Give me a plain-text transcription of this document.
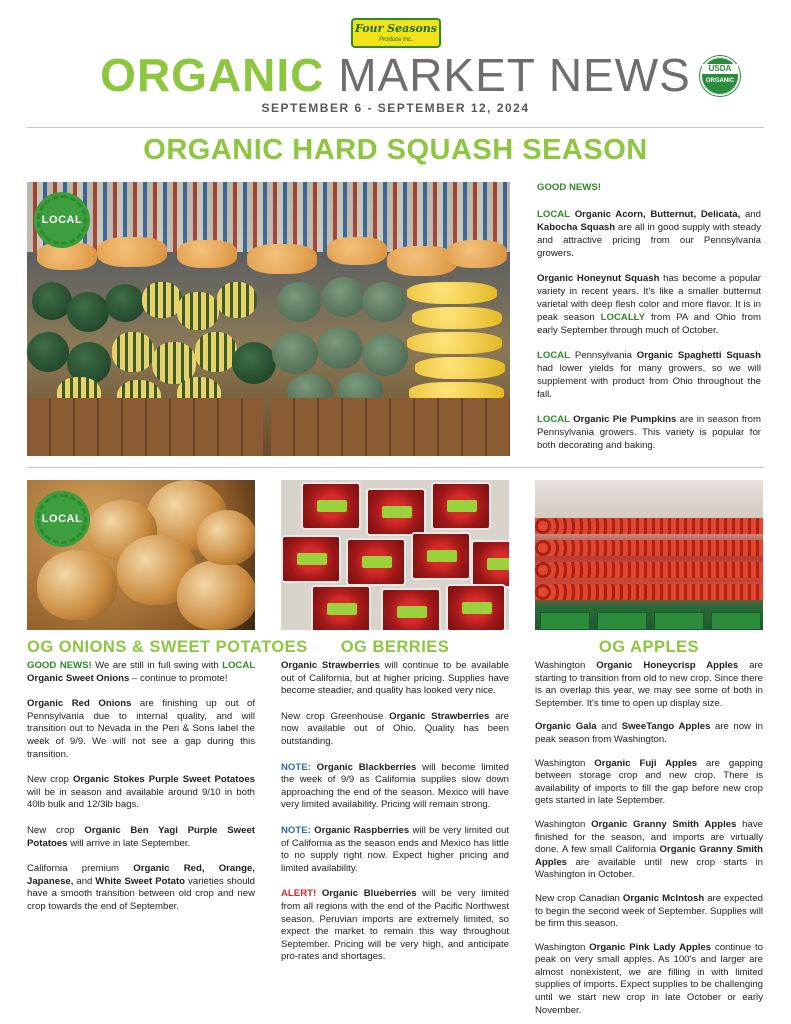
Four Seasons
Produce Inc.
ORGANIC MARKET NEWS	USDA
ORGANIC
SEPTEMBER 6 - SEPTEMBER 12, 2024
ORGANIC HARD SQUASH SEASON
LOCAL

GOOD NEWS!

LOCAL Organic Acorn, Butternut, Delicata, and Kabocha Squash are all in good supply with steady and attractive pricing from our Pennsylvania growers.

Organic Honeynut Squash has become a popular variety in recent years. It's like a smaller butternut varietal with deep flesh color and more flavor. It is in peak season LOCALLY from PA and Ohio from early September through much of October.

LOCAL Pennsylvania Organic Spaghetti Squash had lower yields for many growers, so we will supplement with product from Ohio throughout the fall.

LOCAL Organic Pie Pumpkins are in season from Pennsylvania growers. This variety is popular for both decorating and baking.

LOCAL
OG ONIONS & SWEET POTATOES	OG BERRIES	OG APPLES

GOOD NEWS! We are still in full swing with LOCAL Organic Sweet Onions – continue to promote!

Organic Red Onions are finishing up out of Pennsylvania due to internal quality, and will transition out to Nevada in the Peri & Sons label the week of 9/9. We will not see a gap during this transition.

New crop Organic Stokes Purple Sweet Potatoes will be in season and available around 9/10 in both 40lb bulk and 12/3lb bags.

New crop Organic Ben Yagi Purple Sweet Potatoes will arrive in late September.

California premium Organic Red, Orange, Japanese, and White Sweet Potato varieties should have a smooth transition between old crop and new crop towards the end of September.

Organic Strawberries will continue to be available out of California, but at higher pricing. Supplies have become steadier, and quality has looked very nice.

New crop Greenhouse Organic Strawberries are now available out of Ohio. Quality has been outstanding.

NOTE: Organic Blackberries will become limited the week of 9/9 as California supplies slow down approaching the end of the season. Mexico will have very limited availability. Pricing will remain strong.

NOTE: Organic Raspberries will be very limited out of California as the season ends and Mexico has little to no supply right now. Expect higher pricing and limited availability.

ALERT! Organic Blueberries will be very limited from all regions with the end of the Pacific Northwest season. Peruvian imports are extremely limited, so expect the market to remain this way throughout September. Pricing will be very high, and anticipate pro-rates and shortages.

Washington Organic Honeycrisp Apples are starting to transition from old to new crop. Since there is an overlap this year, we may see some of both in September. It's time to open up display size.

Organic Gala and SweeTango Apples are now in peak season from Washington.

Washington Organic Fuji Apples are gapping between storage crop and new crop. There is availability of imports to fill the gap before new crop gets started in late September.

Washington Organic Granny Smith Apples have finished for the season, and imports are virtually done. A few small California Organic Granny Smith Apples are available until new crop starts in Washington in October.

New crop Canadian Organic McIntosh are expected to begin the second week of September. Supplies will be firm this season.

Washington Organic Pink Lady Apples continue to peak on very small apples. As 100's and larger are almost nonexistent, we are filling in with limited supplies of imports. Expect supplies to be challenging until we start new crop in late October or early November.
